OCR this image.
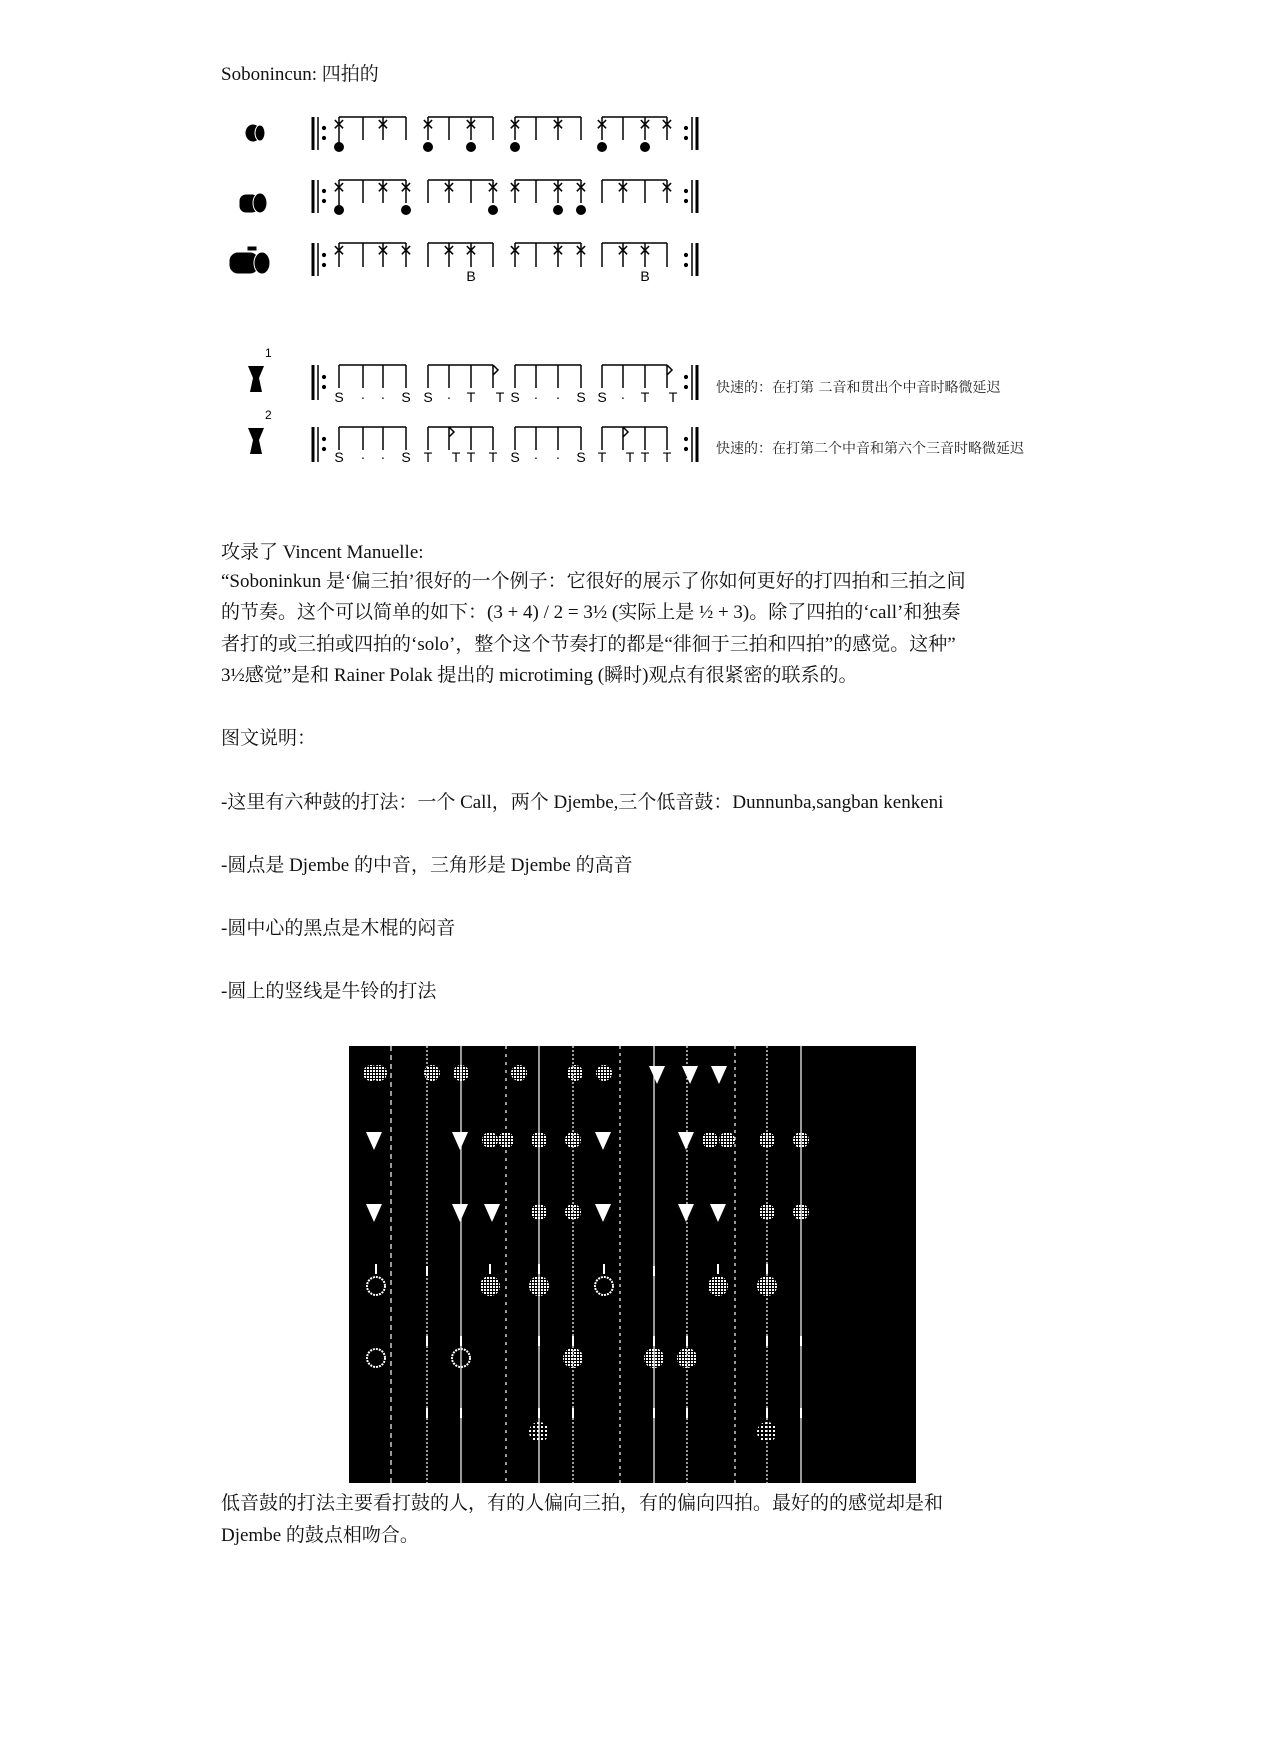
Sobonincun: 四拍的
✕ ✕ ✕ ✕ ✕ ✕ ✕ ✕ ✕
✕ ✕ ✕ ✕ ✕ ✕ ✕ ✕ ✕ ✕
✕ ✕ ✕ ✕ ✕ ✕ ✕ ✕ ✕ ✕
B	B
1
2
S · · S S · T T S · · S S · T T
S · · S T T T T S · · S T T T T
快速的：在打第 二音和贯出个中音时略微延迟
快速的：在打第二个中音和第六个三音时略微延迟
攻录了 Vincent Manuelle:
“Soboninkun 是‘偏三拍’很好的一个例子：它很好的展示了你如何更好的打四拍和三拍之间
的节奏。这个可以简单的如下：(3 + 4) / 2 = 3½ (实际上是 ½ + 3)。除了四拍的‘call’和独奏
者打的或三拍或四拍的‘solo’，整个这个节奏打的都是“徘徊于三拍和四拍”的感觉。这种”
3½感觉”是和 Rainer Polak 提出的 microtiming (瞬时)观点有很紧密的联系的。
图文说明：
-这里有六种鼓的打法：一个 Call，两个 Djembe,三个低音鼓：Dunnunba,sangban kenkeni
-圆点是 Djembe 的中音，三角形是 Djembe 的高音
-圆中心的黑点是木棍的闷音
-圆上的竖线是牛铃的打法
低音鼓的打法主要看打鼓的人，有的人偏向三拍，有的偏向四拍。最好的的感觉却是和
Djembe 的鼓点相吻合。
